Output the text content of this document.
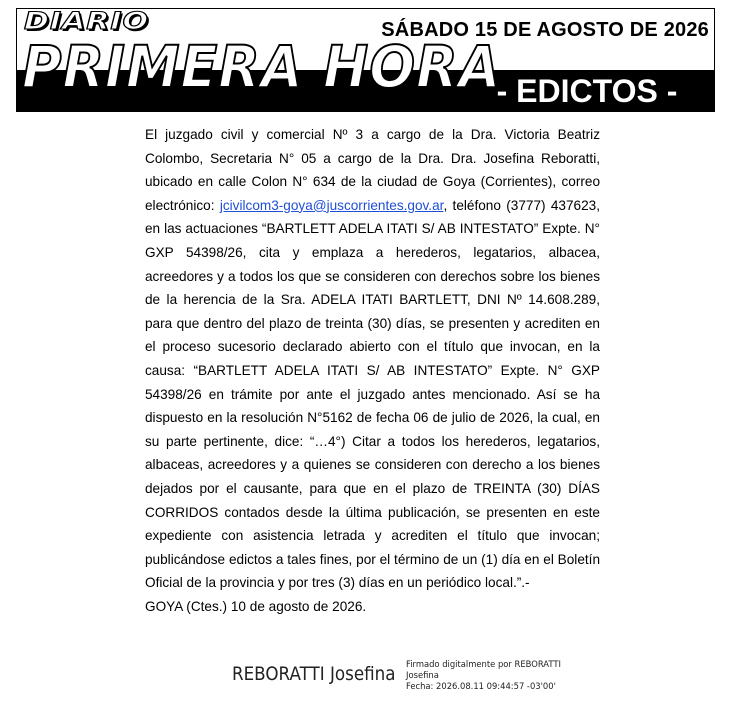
DIARIO
PRIMERA HORA
SÁBADO 15 DE AGOSTO DE 2026
- EDICTOS -

El juzgado civil y comercial Nº 3 a cargo de la Dra. Victoria Beatriz Colombo, Secretaria N° 05 a cargo de la Dra. Dra. Josefina Reboratti, ubicado en calle Colon N° 634 de la ciudad de Goya (Corrientes), correo electrónico: jcivilcom3-goya@juscorrientes.gov.ar, teléfono (3777) 437623, en las actuaciones “BARTLETT ADELA ITATI S/ AB INTESTATO” Expte. N° GXP 54398/26, cita y emplaza a herederos, legatarios, albacea, acreedores y a todos los que se consideren con derechos sobre los bienes de la herencia de la Sra. ADELA ITATI BARTLETT, DNI Nº 14.608.289, para que dentro del plazo de treinta (30) días, se presenten y acrediten en el proceso sucesorio declarado abierto con el título que invocan, en la causa: “BARTLETT ADELA ITATI S/ AB INTESTATO” Expte. N° GXP 54398/26 en trámite por ante el juzgado antes mencionado. Así se ha dispuesto en la resolución N°5162 de fecha 06 de julio de 2026, la cual, en su parte pertinente, dice: “…4°) Citar a todos los herederos, legatarios, albaceas, acreedores y a quienes se consideren con derecho a los bienes dejados por el causante, para que en el plazo de TREINTA (30) DÍAS CORRIDOS contados desde la última publicación, se presenten en este expediente con asistencia letrada y acrediten el título que invocan; publicándose edictos a tales fines, por el término de un (1) día en el Boletín Oficial de la provincia y por tres (3) días en un periódico local.”.-

GOYA (Ctes.) 10 de agosto de 2026.

REBORATTI Josefina Firmado digitalmente por REBORATTI
Josefina
Fecha: 2026.08.11 09:44:57 -03'00'
